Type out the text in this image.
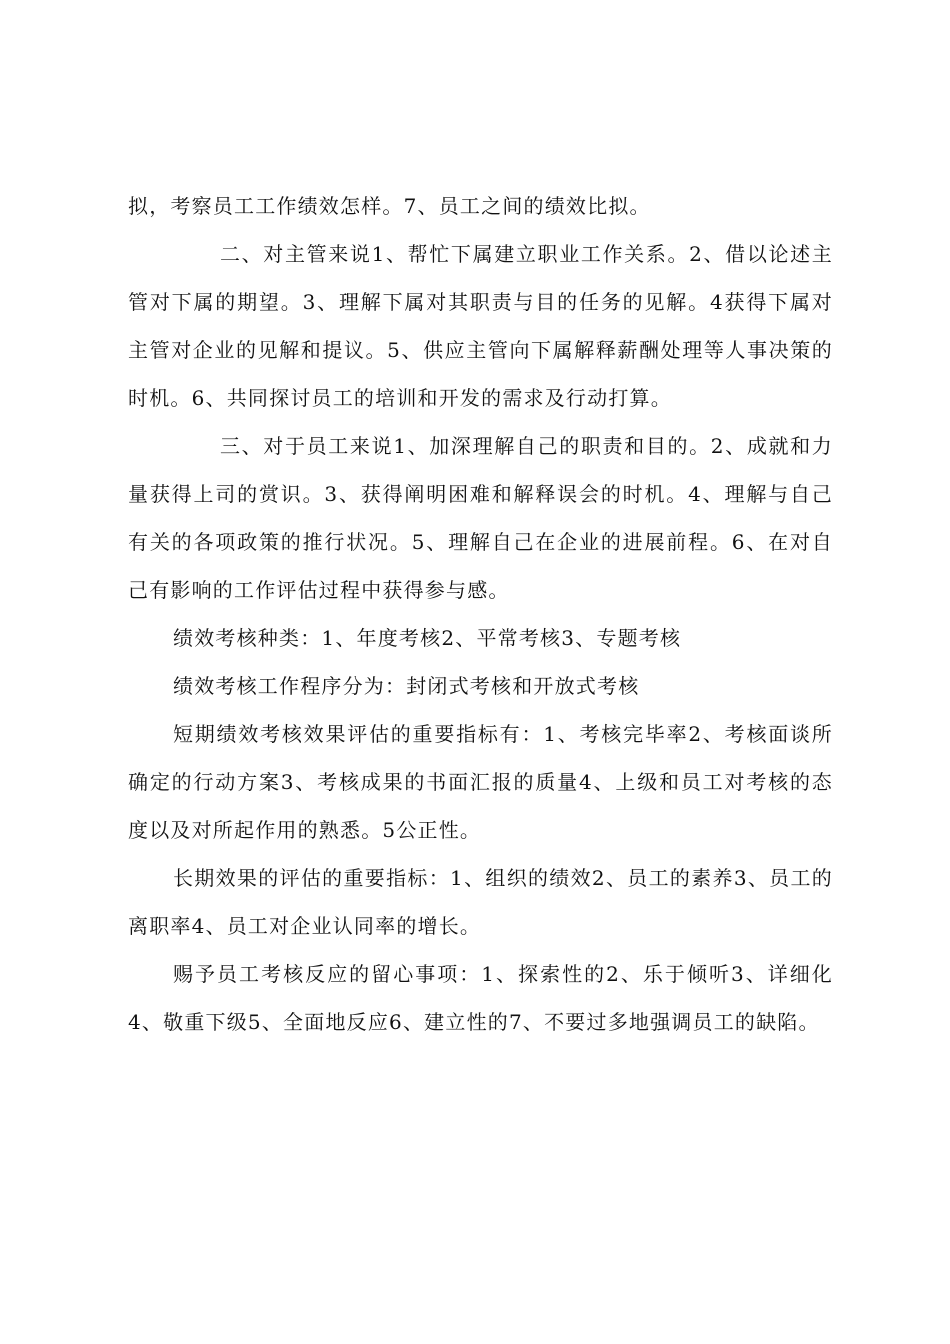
拟，考察员工工作绩效怎样。7、员工之间的绩效比拟。

二、对主管来说1、帮忙下属建立职业工作关系。2、借以论述主管对下属的期望。3、理解下属对其职责与目的任务的见解。4获得下属对主管对企业的见解和提议。5、供应主管向下属解释薪酬处理等人事决策的时机。6、共同探讨员工的培训和开发的需求及行动打算。

三、对于员工来说1、加深理解自己的职责和目的。2、成就和力量获得上司的赏识。3、获得阐明困难和解释误会的时机。4、理解与自己有关的各项政策的推行状况。5、理解自己在企业的进展前程。6、在对自己有影响的工作评估过程中获得参与感。

绩效考核种类：1、年度考核2、平常考核3、专题考核

绩效考核工作程序分为：封闭式考核和开放式考核

短期绩效考核效果评估的重要指标有：1、考核完毕率2、考核面谈所确定的行动方案3、考核成果的书面汇报的质量4、上级和员工对考核的态度以及对所起作用的熟悉。5公正性。

长期效果的评估的重要指标：1、组织的绩效2、员工的素养3、员工的离职率4、员工对企业认同率的增长。

赐予员工考核反应的留心事项：1、探索性的2、乐于倾听3、详细化4、敬重下级5、全面地反应6、建立性的7、不要过多地强调员工的缺陷。
